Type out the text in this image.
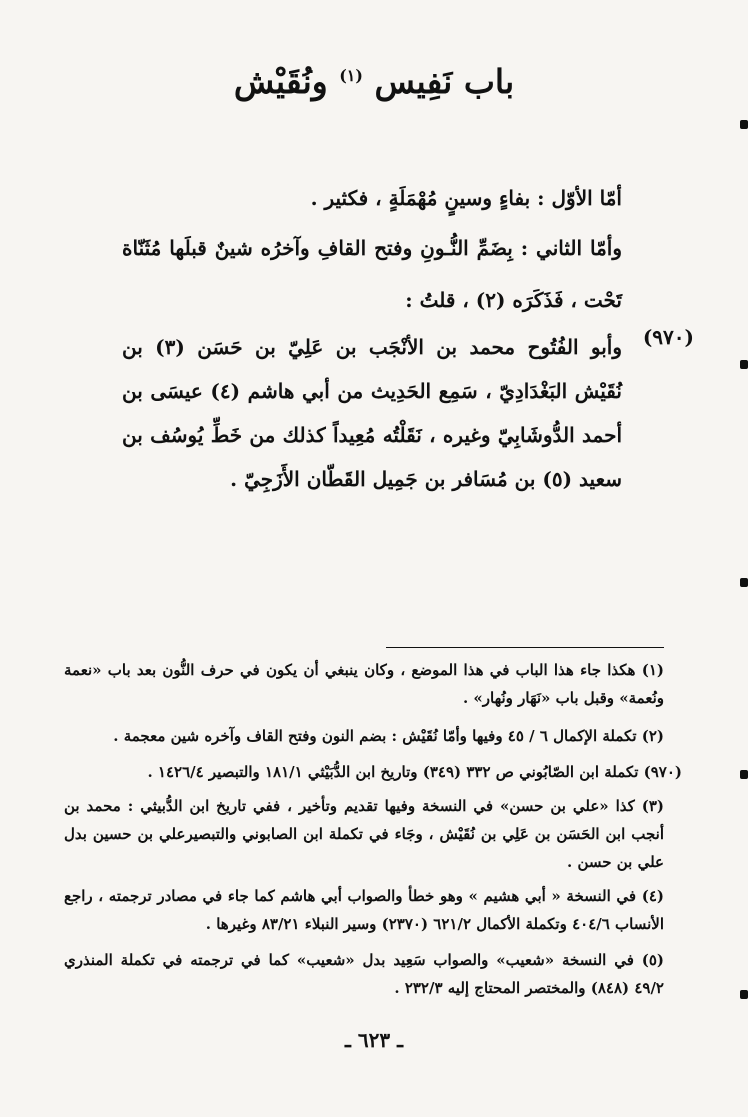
باب نَفِيس $^{(١)}$ ونُقَيْش
أمّا الأوّل : بفاءٍ وسينٍ مُهْمَلَةٍ ، فكثير .
وأمّا الثاني : بِضَمِّ النُّـونِ وفتح القافِ وآخرُه شينٌ قبلَها مُثَنّاة تَحْت ، فَذَكَرَه (٢) ، قلتُ :
(٩٧٠)
وأبو الفُتُوح محمد بن الأنْجَب بن عَلِيّ بن حَسَن (٣) بن نُقَيْش البَغْدَادِيّ ، سَمِع الحَدِيث من أبي هاشم (٤) عيسَى بن أحمد الدُّوشَابِيّ وغيره ، نَقَلْتُه مُعِيداً كذلك من خَطِّ يُوسُف بن سعيد (٥) بن مُسَافر بن جَمِيل القَطّان الأَزَجِيّ .
(١) هكذا جاء هذا الباب في هذا الموضع ، وكان ينبغي أن يكون في حرف النُّون بعد باب «نعمة ونُعمة» وقبل باب «نَهَار ونُهار» .
(٢) تكملة الإكمال ٦ / ٤٥ وفيها وأمّا نُقَيْش : بضم النون وفتح القاف وآخره شين معجمة .
(٩٧٠) تكملة ابن الصّابُوني ص ٣٣٢ (٣٤٩) وتاريخ ابن الدُّبَيْثي ١٨١/١ والتبصير ١٤٢٦/٤ .
(٣) كذا «علي بن حسن» في النسخة وفيها تقديم وتأخير ، ففي تاريخ ابن الدُّبيثي : محمد بن أنجب ابن الحَسَن بن عَلِي بن نُقَيْش ، وجَاء في تكملة ابن الصابوني والتبصيرعلي بن حسين بدل علي بن حسن .
(٤) في النسخة « أبي هشيم » وهو خطأ والصواب أبي هاشم كما جاء في مصادر ترجمته ، راجع الأنساب ٤٠٤/٦ وتكملة الأكمال ٦٢١/٢ (٢٣٧٠) وسير النبلاء ٨٣/٢١ وغيرها .
(٥) في النسخة «شعيب» والصواب سَعِيد بدل «شعيب» كما في ترجمته في تكملة المنذري ٤٩/٢ (٨٤٨) والمختصر المحتاج إليه ٢٣٢/٣ .
ـ ٦٢٣ ـ
